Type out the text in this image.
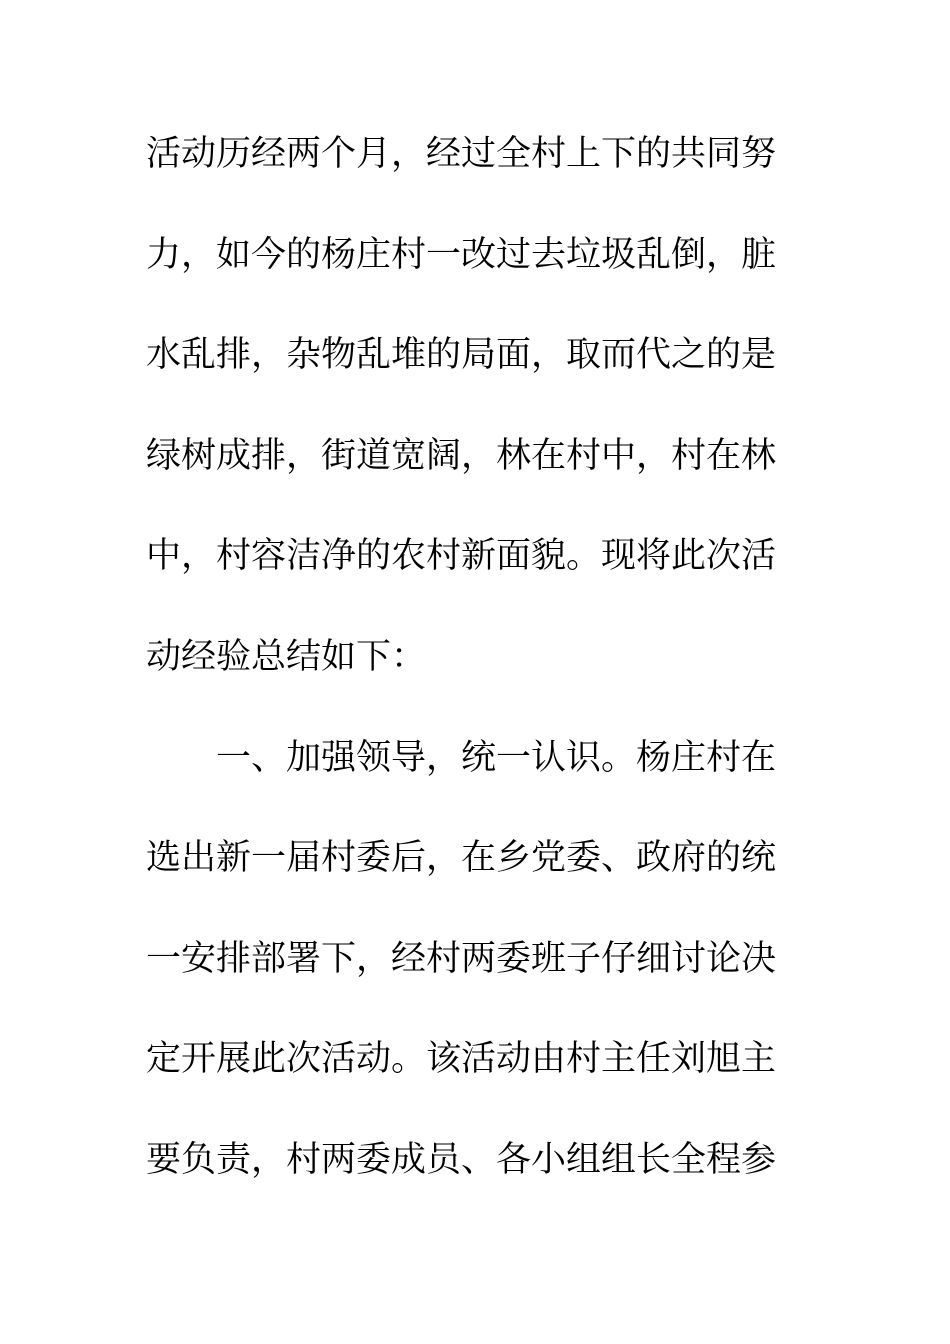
活动历经两个月，经过全村上下的共同努
力，如今的杨庄村一改过去垃圾乱倒，脏
水乱排，杂物乱堆的局面，取而代之的是
绿树成排，街道宽阔，林在村中，村在林
中，村容洁净的农村新面貌。现将此次活
动经验总结如下：
一、加强领导，统一认识。杨庄村在
选出新一届村委后，在乡党委、政府的统
一安排部署下，经村两委班子仔细讨论决
定开展此次活动。该活动由村主任刘旭主
要负责，村两委成员、各小组组长全程参
